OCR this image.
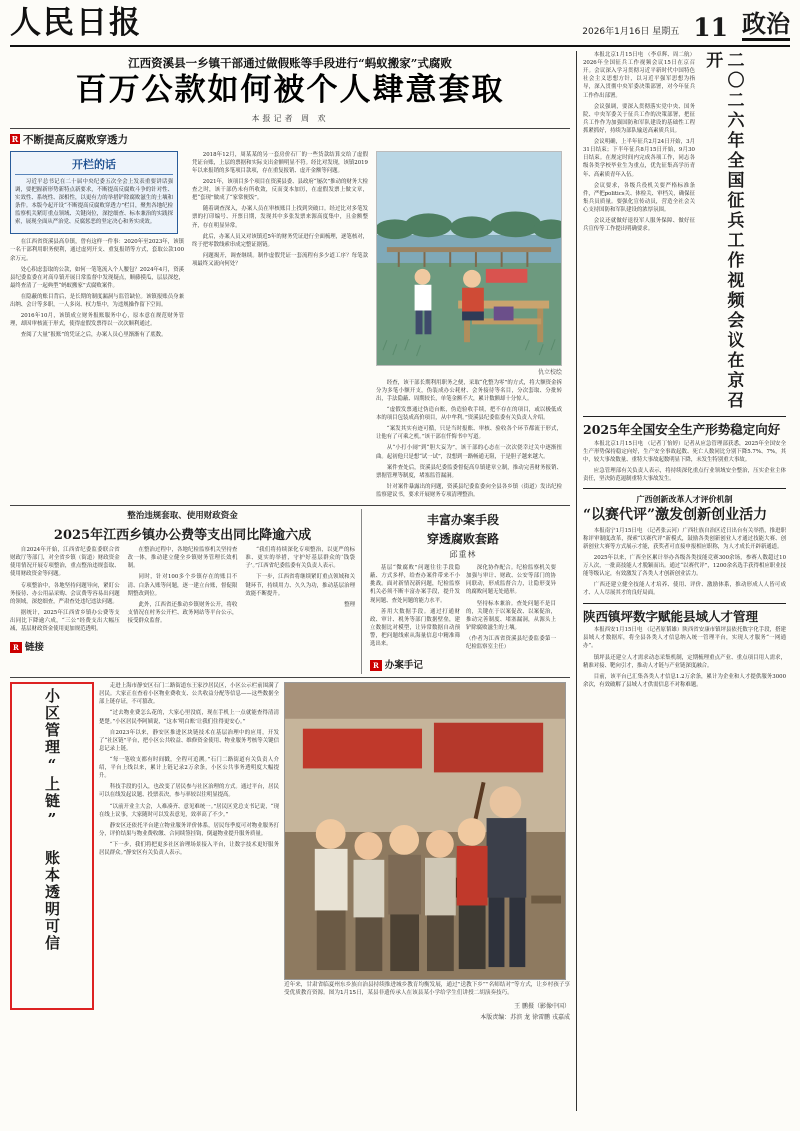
人民日报	2026年1月16日 星期五 11 政治
江西资溪县一乡镇干部通过做假账等手段进行“蚂蚁搬家”式腐败
百万公款如何被个人肆意套取
本报记者 周 欢
R 不断提高反腐败穿透力
开栏的话

习近平总书记在二十届中央纪委五次全会上发表重要讲话强调，要把握新形势新特点新要求，不断提高反腐败斗争的针对性、实效性、系统性、深相性，以更有力的举措铲除腐败滋生的土壤和条件。本版今起开设“不断提高反腐败穿透力”栏目，聚焦各地纪检监察机关紧盯重点领域、关键岗位，深挖细查、标本兼治的实践探索，展现全面从严治党、反腐惩恶的坚定决心和务实成效。

在江西省资溪县高阜镇，曾有这样一件事：2020年至2023年，该镇一名干部利用职务便利，通过虚列开支、重复报销等方式，套取公款100余万元。

处心积虑套取的公款，如何一笔笔流入个人腰包？2024年4月，资溪县纪委监委在对高阜镇开展日常监督中发现疑点，顺藤摸瓜，层层深挖，最终查清了一起典型“蚂蚁搬家”式腐败案件。

在隐蔽的账目背后，是长期的制度漏洞与监管缺位。该镇报账员身兼出纳、会计等多职，一人多岗、权力集中，为违规操作留下空间。

2016年10月，该镇成立财务报账服务中心，原本意在规范财务管理，却因审核流于形式，使得虚假发票得以一次次顺利通过。

查阅了大量“报账”的凭证之后，办案人员心里渐渐有了底数。

2018年12月，周某某的另一套房价石厂的一些货款结算交给了虚假凭证台账，上层的票据和实际支出金额明显不符。经比对发现，该镇2019年以来报销的多笔项目款项，存在重复报销、虚开金额等问题。

2021年，该项目多个项目在资溪县委、县政府“屡次”推动的财务大检查之时，该干部仍未有所收敛，反而变本加厉，在虚假发票上做文章，把“套现”做成了“家常便饭”。

随着调查深入，办案人员在审核账目上找到突破口。经过比对多笔发票的打印编号、开票日期，发现其中多张发票来源高度集中，且金额整齐，存在明显异常。

此后，办案人员又对该镇近5年的财务凭证进行全面梳理，逐笔核对，终于把零散线索串成完整证据链。

问题揭开，调查继续。制作虚假凭证一套流程有多少道工序？每笔款项最终又流向何处？

仇立校绘

经查，该干部长期利用职务之便，采取“化整为零”的方式，将大额资金拆分为多笔小额开支，伪装成办公耗材、会务接待等名目，分次套取、分批转出，手法隐蔽、周期较长，单笔金额不大，累计数额却十分惊人。

“虚假发票通过伪造台账，伪造验收手续，把不存在的项目，或以极低成本的项目包装成高价项目，从中牟利。”资溪县纪委监委有关负责人介绍。

“案发其实有迹可循，只是当时报账、审核、验收各个环节都流于形式，让他有了可乘之机。”该干部在忏悔书中写道。

从“小打小闹”到“胆大妄为”，该干部的心态在一次次侥幸过关中逐渐扭曲。起初他只是想“试一试”，没想到一路畅通无阻，于是胆子越来越大。

案件查处后，资溪县纪委监委督促高阜镇建章立制，推动完善财务报销、票据管理等制度，堵塞监管漏洞。

针对案件暴露出的问题，资溪县纪委监委向全县各乡镇（街道）发出纪检监察建议书，要求开展财务专项清理整治。

整治违规套取、使用财政资金
2025年江西乡镇办公费等支出同比降逾六成

自2024年开始，江西省纪委监委联合省财政厅等部门，对全省乡镇（街道）财政资金使用情况开展专项整治，重点整治违规套取、使用财政资金等问题。

专项整治中，各地坚持问题导向，紧盯公务接待、办公用品采购、会议费等容易出问题的领域，深挖细查，严肃查处违纪违法问题。

据统计，2025年江西省乡镇办公费等支出同比下降逾六成，“三公”经费支出大幅压减，基层财政资金使用更加规范透明。

在整治过程中，各地纪检监察机关坚持查改一体，推动建立健全乡镇财务管理长效机制。

同时，针对100多个乡镇存在的账目不清、白条入账等问题，逐一建立台账，督促限期整改到位。

此外，江西省还推动乡镇财务公开，将收支情况在村务公开栏、政务网站等平台公示，接受群众监督。

“我们将持续深化专项整治，以更严的标准、更实的举措，守护好基层群众的‘钱袋子’。”江西省纪委监委有关负责人表示。

下一步，江西省将继续紧盯重点领域和关键环节，持续用力、久久为功，推动基层治理效能不断提升。

整理

R 链接
丰富办案手段
穿透腐败套路
邱重林

基层“微腐败”问题往往手段隐蔽、方式多样，给查办案件带来不小挑战。面对新情况新问题，纪检监察机关必须不断丰富办案手段，提升发现问题、查处问题的能力水平。

善用大数据手段。通过打通财政、审计、税务等部门数据壁垒，建立数据比对模型，让异常数据自动预警，把问题线索从海量信息中精准筛选出来。

深化协作配合。纪检监察机关要加强与审计、财政、公安等部门的协同联动，形成监督合力，让隐形变异的腐败问题无处遁形。

坚持标本兼治。查处问题不是目的，关键在于以案促改、以案促治，推动完善制度、堵塞漏洞，从源头上铲除腐败滋生的土壤。

（作者为江西省资溪县纪委监委第一纪检监察室主任）

R 办案手记
小区管理“上链” 账本透明可信

走进上海市静安区石门二路街道东王家沙居民区，小区公示栏前围满了居民。大家正在查看小区物业费收支、公共收益分配等信息——这些数据全部上链存证，不可篡改。

“过去物业费怎么花的，大家心里没底，现在手机上一点就能查得清清楚楚。”小区居民李阿姨说，“这本‘明白账’让我们住得更安心。”

自2023年以来，静安区推进区块链技术在基层治理中的应用，开发了“社区链”平台，把小区公共收益、维修资金使用、物业服务考核等关键信息记录上链。

“每一笔收支都有时间戳，全程可追溯。”石门二路街道有关负责人介绍，平台上线以来，累计上链记录2万余条，小区公共事务透明度大幅提升。

科技手段的引入，也改变了居民参与社区治理的方式。通过平台，居民可以在线发起议题、投票表决，参与率较以往明显提高。

“以前开业主大会，人难凑齐、意见难统一。”居民区党总支书记说，“现在线上议事，大家随时可以发表意见，效率高了不少。”

静安区还依托平台建立物业服务评价体系，居民每季度可对物业服务打分，评价结果与物业费收缴、合同续签挂钩，倒逼物业提升服务质量。

“下一步，我们将把更多社区治理场景接入平台，让数字技术更好服务居民群众。”静安区有关负责人表示。

近年来，甘肃省临夏州东乡族自治县持续推进城乡教育均衡发展，通过“送教下乡”“名师结对”等方式，让乡村孩子享受优质教育资源。图为1月15日，某县非遗传承人在该县某小学给学生们讲授二胡演奏技巧。
王 鹏摄（影像中国）
本版责编：苏滨 龙 徐雷鹏 戎嘉成

本报北京1月15日电 （李卓辉、周二航）2026年全国征兵工作视频会议15日在京召开。会议深入学习贯彻习近平新时代中国特色社会主义思想方针，以习近平强军思想为指导，深入贯彻中央军委决策部署，对今年征兵工作作出部署。

会议强调，要深入贯彻落实党中央、国务院、中央军委关于征兵工作的决策部署，把征兵工作作为加强国防和军队建设的基础性工程抓紧抓好，持续为部队输送高素质兵员。

会议明确，上半年征兵2月24日开始，3月31日结束；下半年征兵8月15日开始，9月30日结束。在规定时间内完成各项工作，同志各级各类学校毕业生为重点，优先征集高学历青年、高素质青年入伍。

会议要求，各级兵役机关要严格标准条件，严把politics关、体检关、审档关，确保征集兵员质量。要强化宣传动员，营造全社会关心支持国防和军队建设的浓厚氛围。

会议还就做好退役军人服务保障、做好征兵宣传等工作提出明确要求。	二〇二六年全国征兵工作视频会议在京召开
2025年全国安全生产形势稳定向好

本报北京1月15日电 （记者丁怡婷）记者从应急管理部获悉，2025年全国安全生产形势保持稳定向好，生产安全事故起数、死亡人数同比分别下降5.7%、7%，其中，较大事故数量、重特大事故起数明显下降，未发生特别重大事故。

应急管理部有关负责人表示，将持续深化重点行业领域安全整治，压实企业主体责任，坚决防范遏制重特大事故发生。

广西创新改革人才评价机制
“以赛代评”激发创新创业活力

本报南宁1月15日电 （记者张云河）广西壮族自治区近日出台有关举措，推进职称评审制度改革，探索“以赛代评”新模式，鼓励各类创新创业人才通过技能大赛、创新创业大赛等方式展示才能，获奖者可直接申报相应职称，为人才成长开辟新通道。

2025年以来，广西全区累计举办各级各类技能竞赛300余场，参赛人数超过10万人次，一批高技能人才脱颖而出。通过“以赛代评”，1200余名选手获得相应职业技能等级认定，有效激发了各类人才创新创业活力。

广西还建立健全技能人才培养、使用、评价、激励体系，推动形成人人皆可成才、人人尽展其才的良好局面。

陕西镇坪数字赋能县域人才管理

本报西安1月15日电 （记者原韬雄）陕西省安康市镇坪县依托数字化手段，搭建县域人才数据库，将全县各类人才信息纳入统一管理平台，实现人才服务“一网通办”。

镇坪县还建立人才需求动态采集机制，定期梳理重点产业、重点项目用人需求，精准对接、靶向引才，推动人才链与产业链深度融合。

目前，该平台已汇集各类人才信息1.2万余条，累计为企业和人才提供服务3000余次，有效破解了县域人才供需信息不对称难题。
